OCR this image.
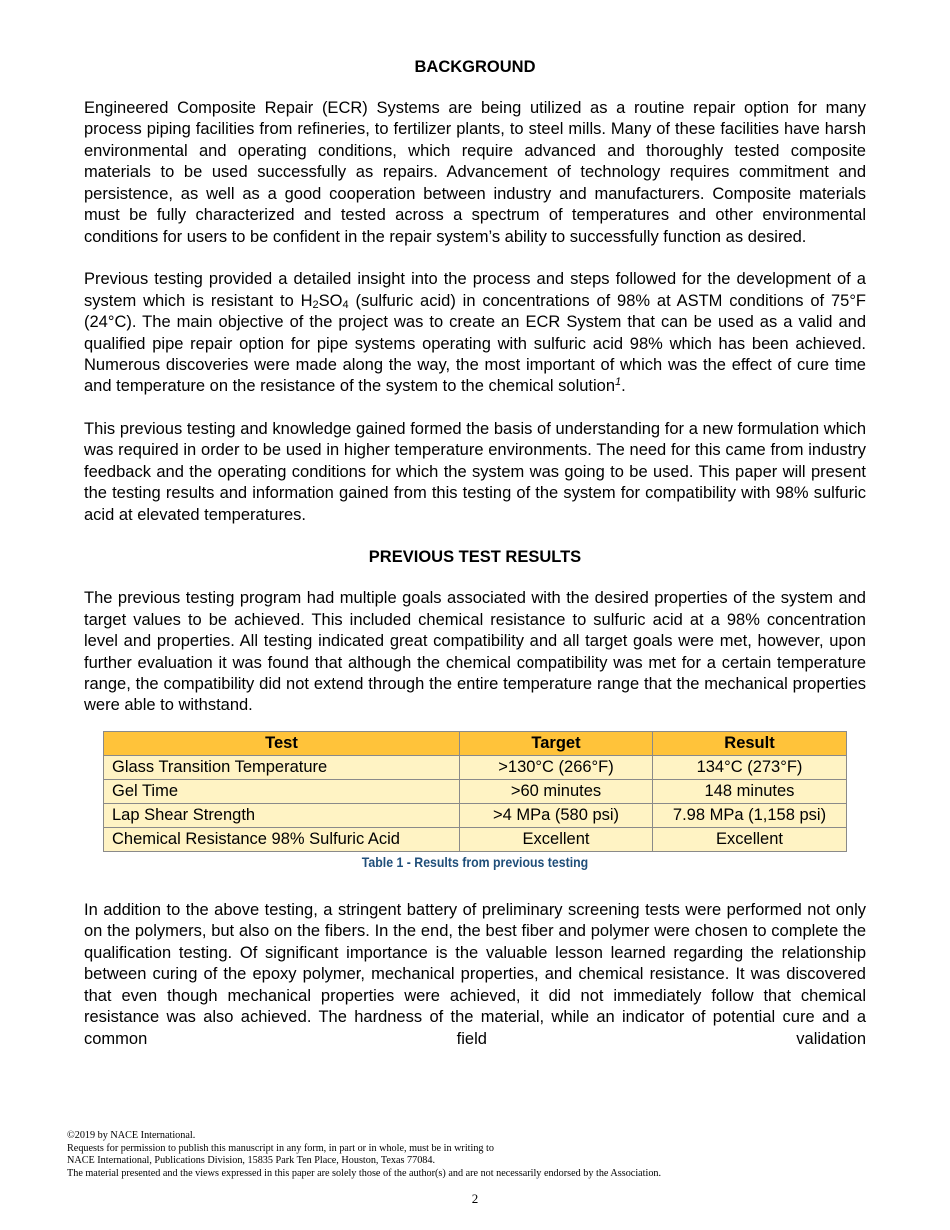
BACKGROUND

Engineered Composite Repair (ECR) Systems are being utilized as a routine repair option for many process piping facilities from refineries, to fertilizer plants, to steel mills. Many of these facilities have harsh environmental and operating conditions, which require advanced and thoroughly tested composite materials to be used successfully as repairs. Advancement of technology requires commitment and persistence, as well as a good cooperation between industry and manufacturers. Composite materials must be fully characterized and tested across a spectrum of temperatures and other environmental conditions for users to be confident in the repair system’s ability to successfully function as desired.

Previous testing provided a detailed insight into the process and steps followed for the development of a system which is resistant to $H_2SO_4$ (sulfuric acid) in concentrations of 98% at ASTM conditions of 75°F (24°C). The main objective of the project was to create an ECR System that can be used as a valid and qualified pipe repair option for pipe systems operating with sulfuric acid 98% which has been achieved. Numerous discoveries were made along the way, the most important of which was the effect of cure time and temperature on the resistance of the system to the chemical solution$^1$.

This previous testing and knowledge gained formed the basis of understanding for a new formulation which was required in order to be used in higher temperature environments. The need for this came from industry feedback and the operating conditions for which the system was going to be used. This paper will present the testing results and information gained from this testing of the system for compatibility with 98% sulfuric acid at elevated temperatures.

PREVIOUS TEST RESULTS

The previous testing program had multiple goals associated with the desired properties of the system and target values to be achieved. This included chemical resistance to sulfuric acid at a 98% concentration level and properties. All testing indicated great compatibility and all target goals were met, however, upon further evaluation it was found that although the chemical compatibility was met for a certain temperature range, the compatibility did not extend through the entire temperature range that the mechanical properties were able to withstand.

Test	Target	Result
Glass Transition Temperature	>130°C (266°F)	134°C (273°F)
Gel Time	>60 minutes	148 minutes
Lap Shear Strength	>4 MPa (580 psi)	7.98 MPa (1,158 psi)
Chemical Resistance 98% Sulfuric Acid	Excellent	Excellent
Table 1 - Results from previous testing

In addition to the above testing, a stringent battery of preliminary screening tests were performed not only on the polymers, but also on the fibers. In the end, the best fiber and polymer were chosen to complete the qualification testing. Of significant importance is the valuable lesson learned regarding the relationship between curing of the epoxy polymer, mechanical properties, and chemical resistance. It was discovered that even though mechanical properties were achieved, it did not immediately follow that chemical resistance was also achieved. The hardness of the material, while an indicator of potential cure and a common field validation

©2019 by NACE International.
Requests for permission to publish this manuscript in any form, in part or in whole, must be in writing to
NACE International, Publications Division, 15835 Park Ten Place, Houston, Texas 77084.
The material presented and the views expressed in this paper are solely those of the author(s) and are not necessarily endorsed by the Association.
2
